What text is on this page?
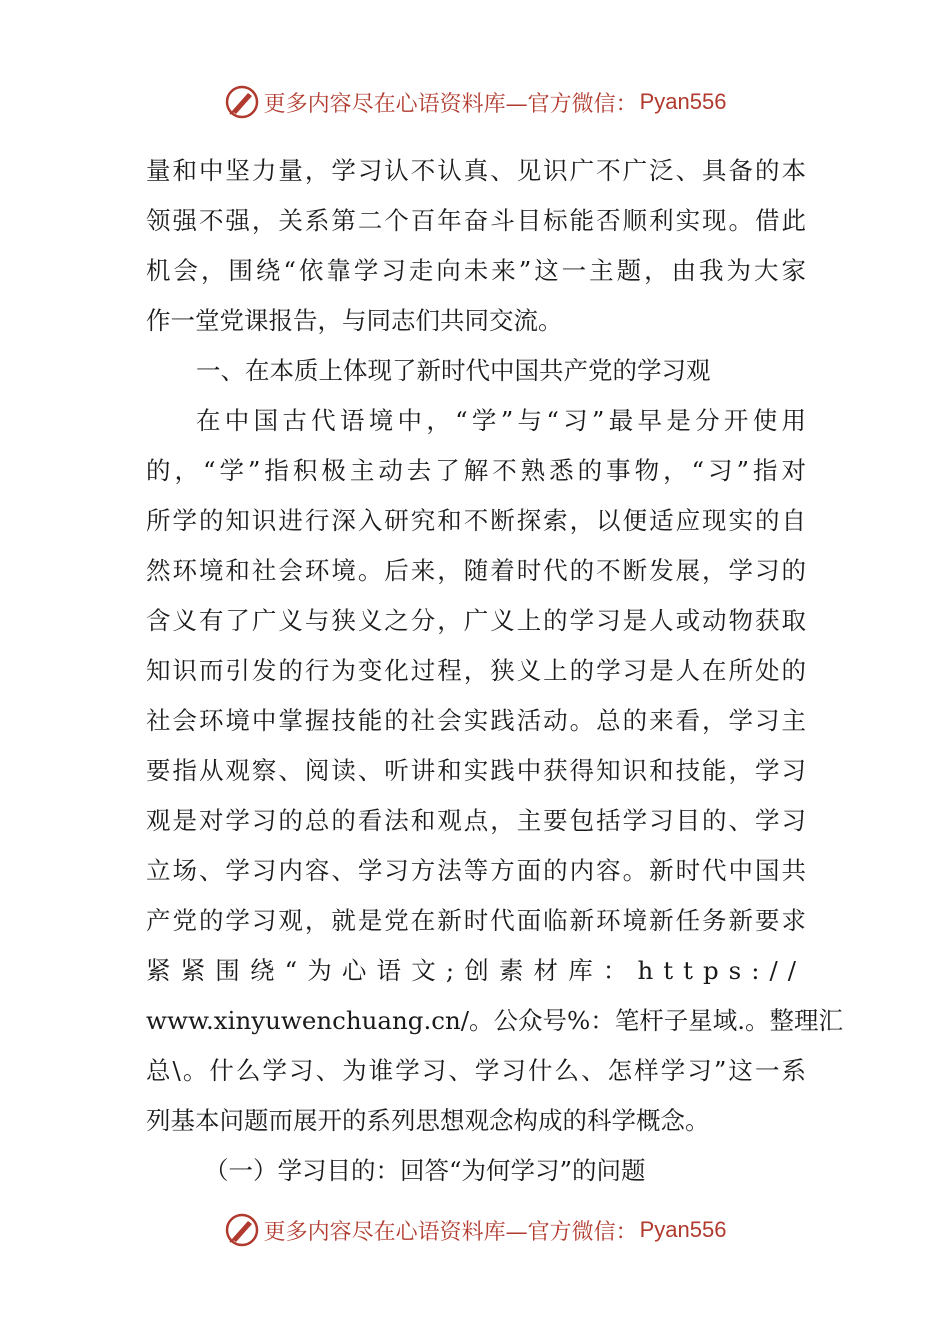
更多内容尽在心语资料库—官方微信： Pyan556
量和中坚力量，学习认不认真、见识广不广泛、具备的本
领强不强，关系第二个百年奋斗目标能否顺利实现。借此
机会，围绕“依靠学习走向未来”这一主题，由我为大家
作一堂党课报告，与同志们共同交流。
一、在本质上体现了新时代中国共产党的学习观
在中国古代语境中，“学”与“习”最早是分开使用
的，“学”指积极主动去了解不熟悉的事物，“习”指对
所学的知识进行深入研究和不断探索，以便适应现实的自
然环境和社会环境。后来，随着时代的不断发展，学习的
含义有了广义与狭义之分，广义上的学习是人或动物获取
知识而引发的行为变化过程，狭义上的学习是人在所处的
社会环境中掌握技能的社会实践活动。总的来看，学习主
要指从观察、阅读、听讲和实践中获得知识和技能，学习
观是对学习的总的看法和观点，主要包括学习目的、学习
立场、学习内容、学习方法等方面的内容。新时代中国共
产党的学习观，就是党在新时代面临新环境新任务新要求
紧紧围绕“为心语文;创素材库：https://
www.xinyuwenchuang.cn/。公众号%：笔杆子星域.。整理汇
总\。什么学习、为谁学习、学习什么、怎样学习”这一系
列基本问题而展开的系列思想观念构成的科学概念。
（一）学习目的：回答“为何学习”的问题
更多内容尽在心语资料库—官方微信： Pyan556
